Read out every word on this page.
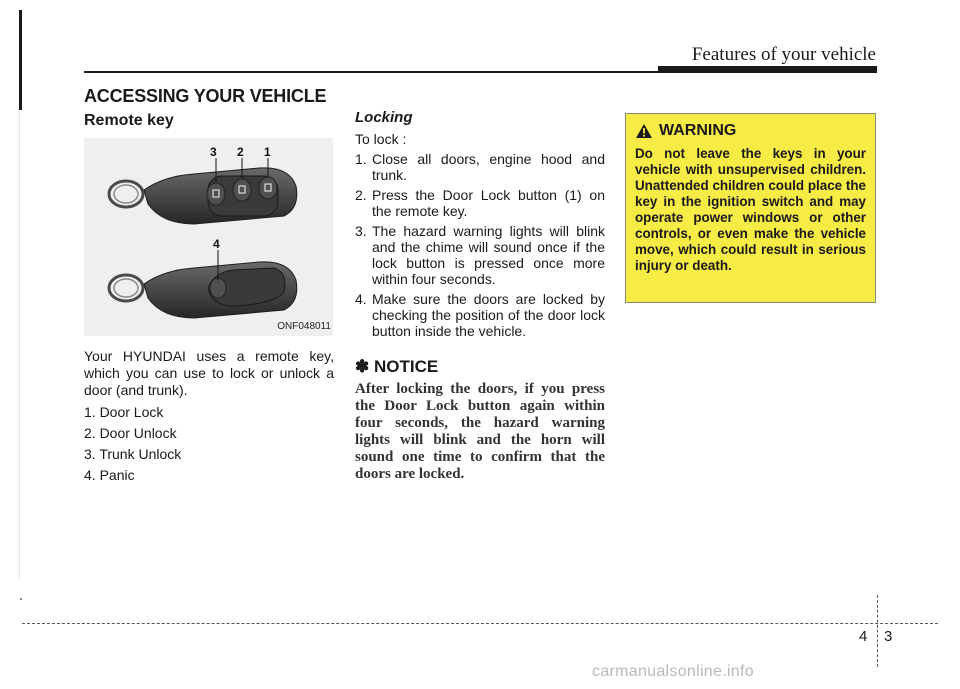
Features of your vehicle
ACCESSING YOUR VEHICLE
Remote key
3 2 1
4
ONF048011

Your HYUNDAI uses a remote key, which you can use to lock or unlock a door (and trunk).

1. Door Lock
2. Door Unlock
3. Trunk Unlock
4. Panic
Locking
To lock :
1. Close all doors, engine hood and trunk.
2. Press the Door Lock button (1) on the remote key.
3. The hazard warning lights will blink and the chime will sound once if the lock button is pressed once more within four seconds.
4. Make sure the doors are locked by checking the position of the door lock button inside the vehicle.
✽ NOTICE
After locking the doors, if you press the Door Lock button again within four seconds, the hazard warning lights will blink and the horn will sound one time to confirm that the doors are locked.
WARNING
Do not leave the keys in your vehicle with unsupervised children. Unattended children could place the key in the ignition switch and may operate power windows or other controls, or even make the vehicle move, which could result in serious injury or death.
4 3
carmanualsonline.info
